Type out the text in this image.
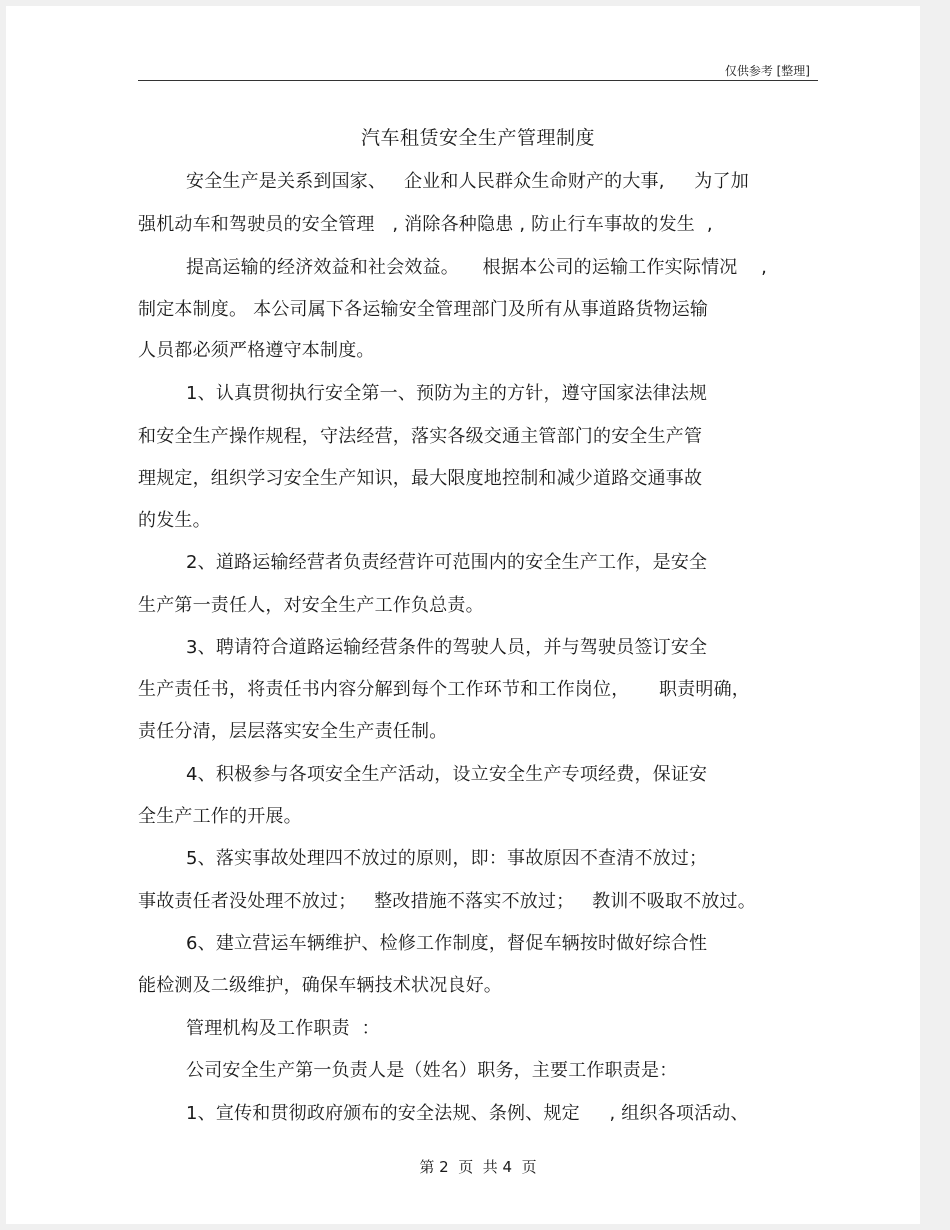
仅供参考 [整理]
汽车租赁安全生产管理制度
安全生产是关系到国家、   企业和人民群众生命财产的大事,     为了加
强机动车和驾驶员的安全管理   , 消除各种隐患 , 防止行车事故的发生  ,
提高运输的经济效益和社会效益。    根据本公司的运输工作实际情况    ,
制定本制度。 本公司属下各运输安全管理部门及所有从事道路货物运输
人员都必须严格遵守本制度。
1、认真贯彻执行安全第一、预防为主的方针，遵守国家法律法规
和安全生产操作规程，守法经营，落实各级交通主管部门的安全生产管
理规定，组织学习安全生产知识，最大限度地控制和减少道路交通事故
的发生。
2、道路运输经营者负责经营许可范围内的安全生产工作，是安全
生产第一责任人，对安全生产工作负总责。
3、聘请符合道路运输经营条件的驾驶人员，并与驾驶员签订安全
生产责任书，将责任书内容分解到每个工作环节和工作岗位，     职责明确，
责任分清，层层落实安全生产责任制。
4、积极参与各项安全生产活动，设立安全生产专项经费，保证安
全生产工作的开展。
5、落实事故处理四不放过的原则，即：事故原因不查清不放过；
事故责任者没处理不放过；   整改措施不落实不放过；   教训不吸取不放过。
6、建立营运车辆维护、检修工作制度，督促车辆按时做好综合性
能检测及二级维护，确保车辆技术状况良好。
管理机构及工作职责  ：
公司安全生产第一负责人是（姓名）职务，主要工作职责是：
1、宣传和贯彻政府颁布的安全法规、条例、规定     , 组织各项活动、
第 2  页  共 4  页
